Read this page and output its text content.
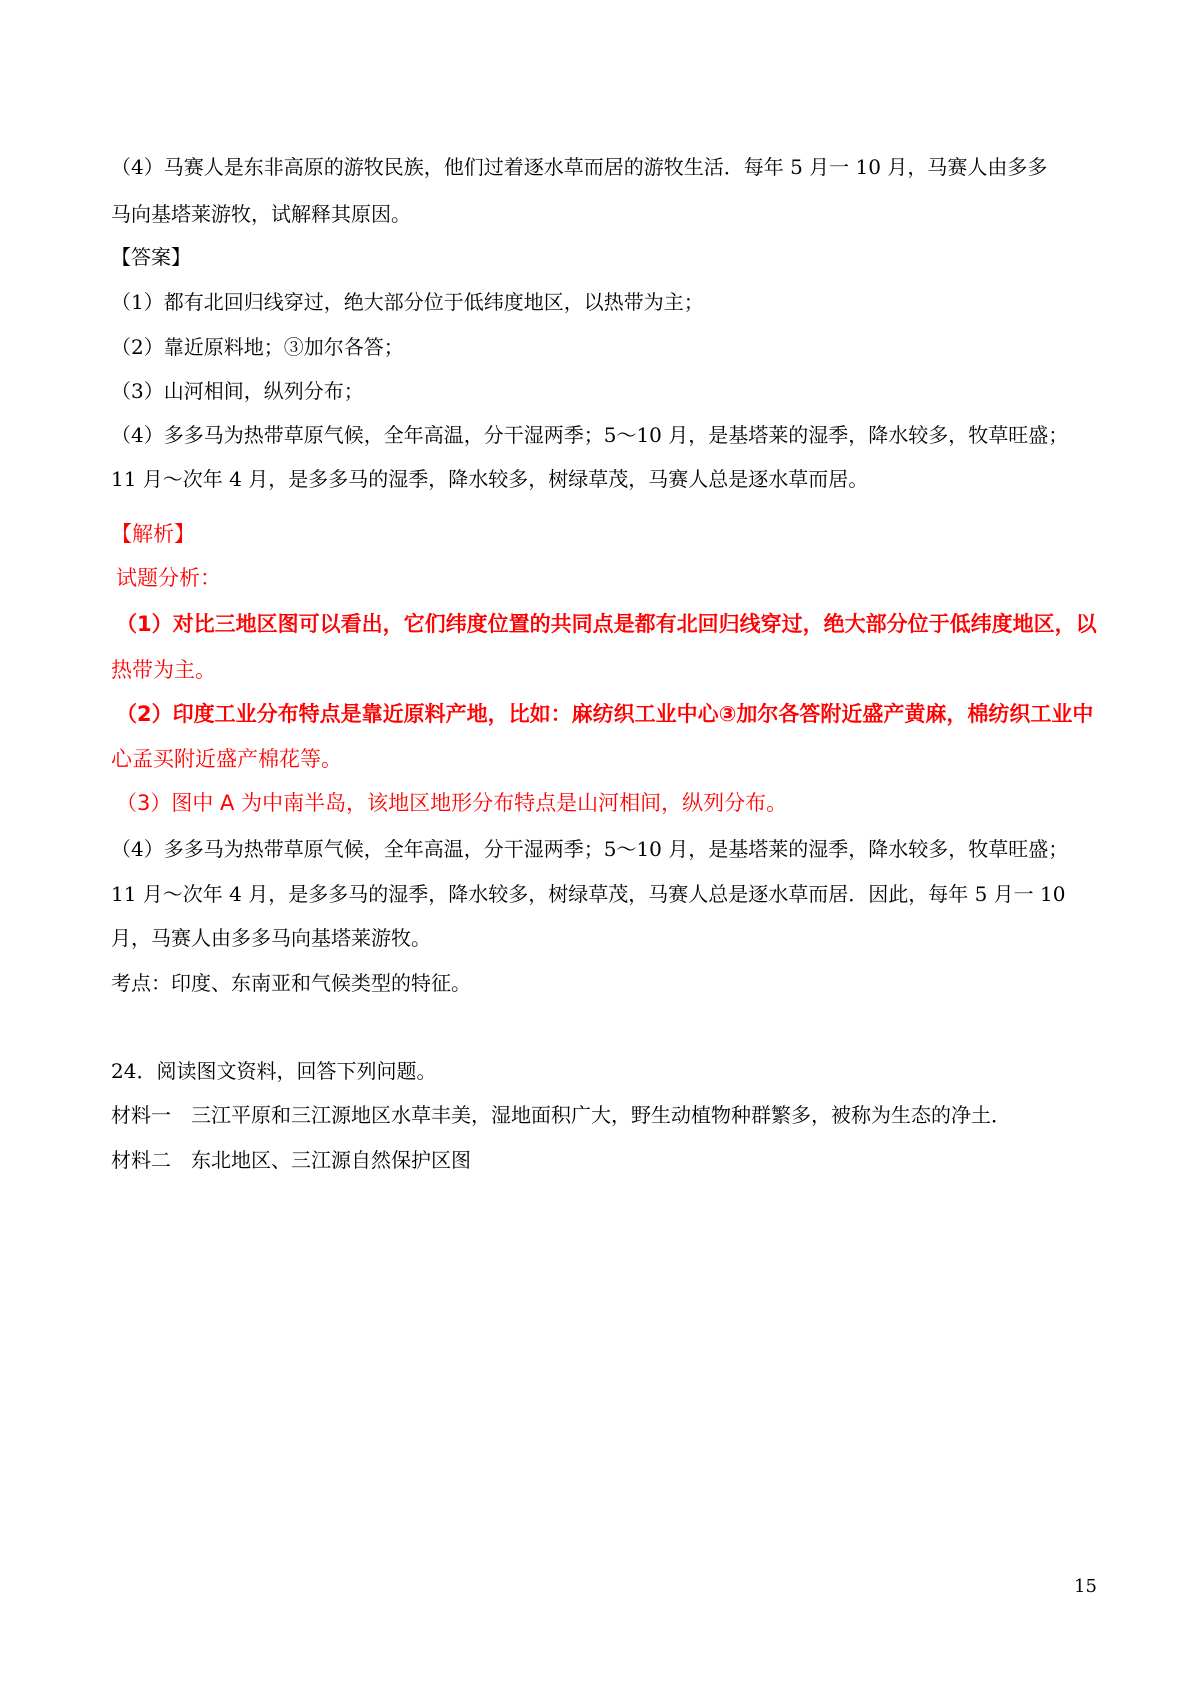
（4）马赛人是东非高原的游牧民族，他们过着逐水草而居的游牧生活．每年 5 月一 10 月，马赛人由多多
马向基塔莱游牧，试解释其原因。
【答案】
（1）都有北回归线穿过，绝大部分位于低纬度地区，以热带为主；
（2）靠近原料地；③加尔各答；
（3）山河相间，纵列分布；
（4）多多马为热带草原气候，全年高温，分干湿两季；5～10 月，是基塔莱的湿季，降水较多，牧草旺盛；
11 月～次年 4 月，是多多马的湿季，降水较多，树绿草茂，马赛人总是逐水草而居。
【解析】
试题分析：
（1）对比三地区图可以看出，它们纬度位置的共同点是都有北回归线穿过，绝大部分位于低纬度地区，以
热带为主。
（2）印度工业分布特点是靠近原料产地，比如：麻纺织工业中心③加尔各答附近盛产黄麻，棉纺织工业中
心孟买附近盛产棉花等。
（3）图中 A 为中南半岛，该地区地形分布特点是山河相间，纵列分布。
（4）多多马为热带草原气候，全年高温，分干湿两季；5～10 月，是基塔莱的湿季，降水较多，牧草旺盛；
11 月～次年 4 月，是多多马的湿季，降水较多，树绿草茂，马赛人总是逐水草而居．因此，每年 5 月一 10
月，马赛人由多多马向基塔莱游牧。
考点：印度、东南亚和气候类型的特征。
24．阅读图文资料，回答下列问题。
材料一　三江平原和三江源地区水草丰美，湿地面积广大，野生动植物种群繁多，被称为生态的净土．
材料二　东北地区、三江源自然保护区图
15
